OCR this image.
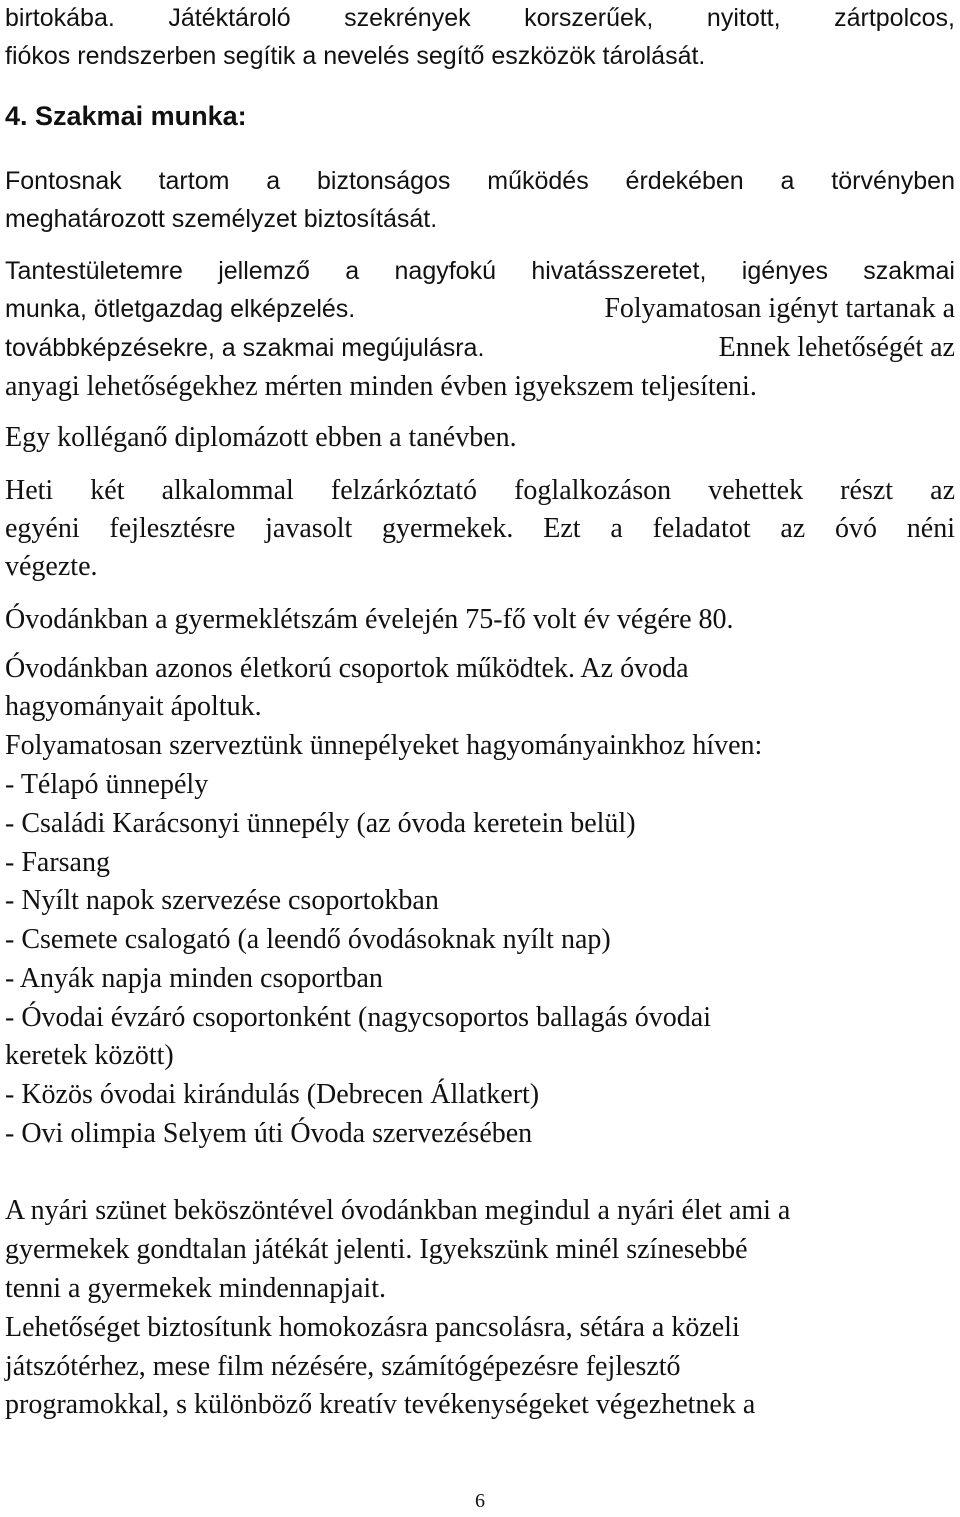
birtokába. Játéktároló szekrények korszerűek, nyitott, zártpolcos,
fiókos rendszerben segítik a nevelés segítő eszközök tárolását.
4. Szakmai munka:
Fontosnak tartom a biztonságos működés érdekében a törvényben
meghatározott személyzet biztosítását.
Tantestületemre jellemző a nagyfokú hivatásszeretet, igényes szakmai
munka, ötletgazdag elképzelés.	Folyamatosan igényt tartanak a
továbbképzésekre, a szakmai megújulásra.	Ennek lehetőségét az
anyagi lehetőségekhez mérten minden évben igyekszem teljesíteni.
Egy kolléganő diplomázott ebben a tanévben.
Heti két alkalommal felzárkóztató foglalkozáson vehettek részt az
egyéni fejlesztésre javasolt gyermekek. Ezt a feladatot az óvó néni
végezte.
Óvodánkban a gyermeklétszám évelején 75-fő volt év végére 80.
Óvodánkban azonos életkorú csoportok működtek. Az óvoda
hagyományait ápoltuk.
Folyamatosan szerveztünk ünnepélyeket hagyományainkhoz híven:
- Télapó ünnepély
- Családi Karácsonyi ünnepély (az óvoda keretein belül)
- Farsang
- Nyílt napok szervezése csoportokban
- Csemete csalogató (a leendő óvodásoknak nyílt nap)
- Anyák napja minden csoportban
- Óvodai évzáró csoportonként (nagycsoportos ballagás óvodai
keretek között)
- Közös óvodai kirándulás (Debrecen Állatkert)
- Ovi olimpia Selyem úti Óvoda szervezésében
A nyári szünet beköszöntével óvodánkban megindul a nyári élet ami a
gyermekek gondtalan játékát jelenti. Igyekszünk minél színesebbé
tenni a gyermekek mindennapjait.
Lehetőséget biztosítunk homokozásra pancsolásra, sétára a közeli
játszótérhez, mese film nézésére, számítógépezésre fejlesztő
programokkal, s különböző kreatív tevékenységeket végezhetnek a
6
